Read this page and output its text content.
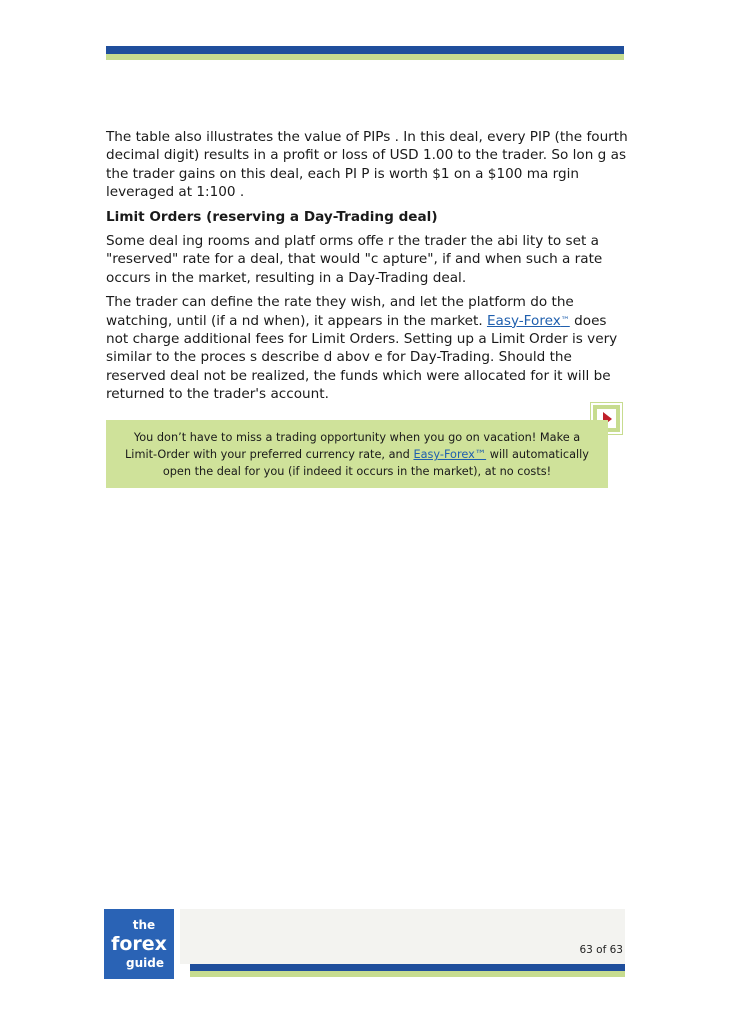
The table also illustrates the value of PIPs . In this deal, every PIP (the fourth decimal digit) results in a profit or loss of USD 1.00 to the trader. So lon g as the trader gains on this deal, each PI P is worth $1 on a $100 ma rgin leveraged at 1:100 .

Limit Orders (reserving a Day-Trading deal)

Some deal ing rooms and platf orms offe r the trader the abi lity to set a "reserved" rate for a deal, that would "c apture", if and when such a rate occurs in the market, resulting in a Day-Trading deal.

The trader can define the rate they wish, and let the platform do the watching, until (if a nd when), it appears in the market. Easy-Forex™ does not charge additional fees for Limit Orders. Setting up a Limit Order is very similar to the proces s describe d abov e for Day-Trading. Should the reserved deal not be realized, the funds which were allocated for it will be returned to the trader's account.

You don’t have to miss a trading opportunity when you go on vacation! Make a Limit-Order with your preferred currency rate, and Easy-Forex™ will automatically open the deal for you (if indeed it occurs in the market), at no costs!
the
forex
guide
63 of 63
